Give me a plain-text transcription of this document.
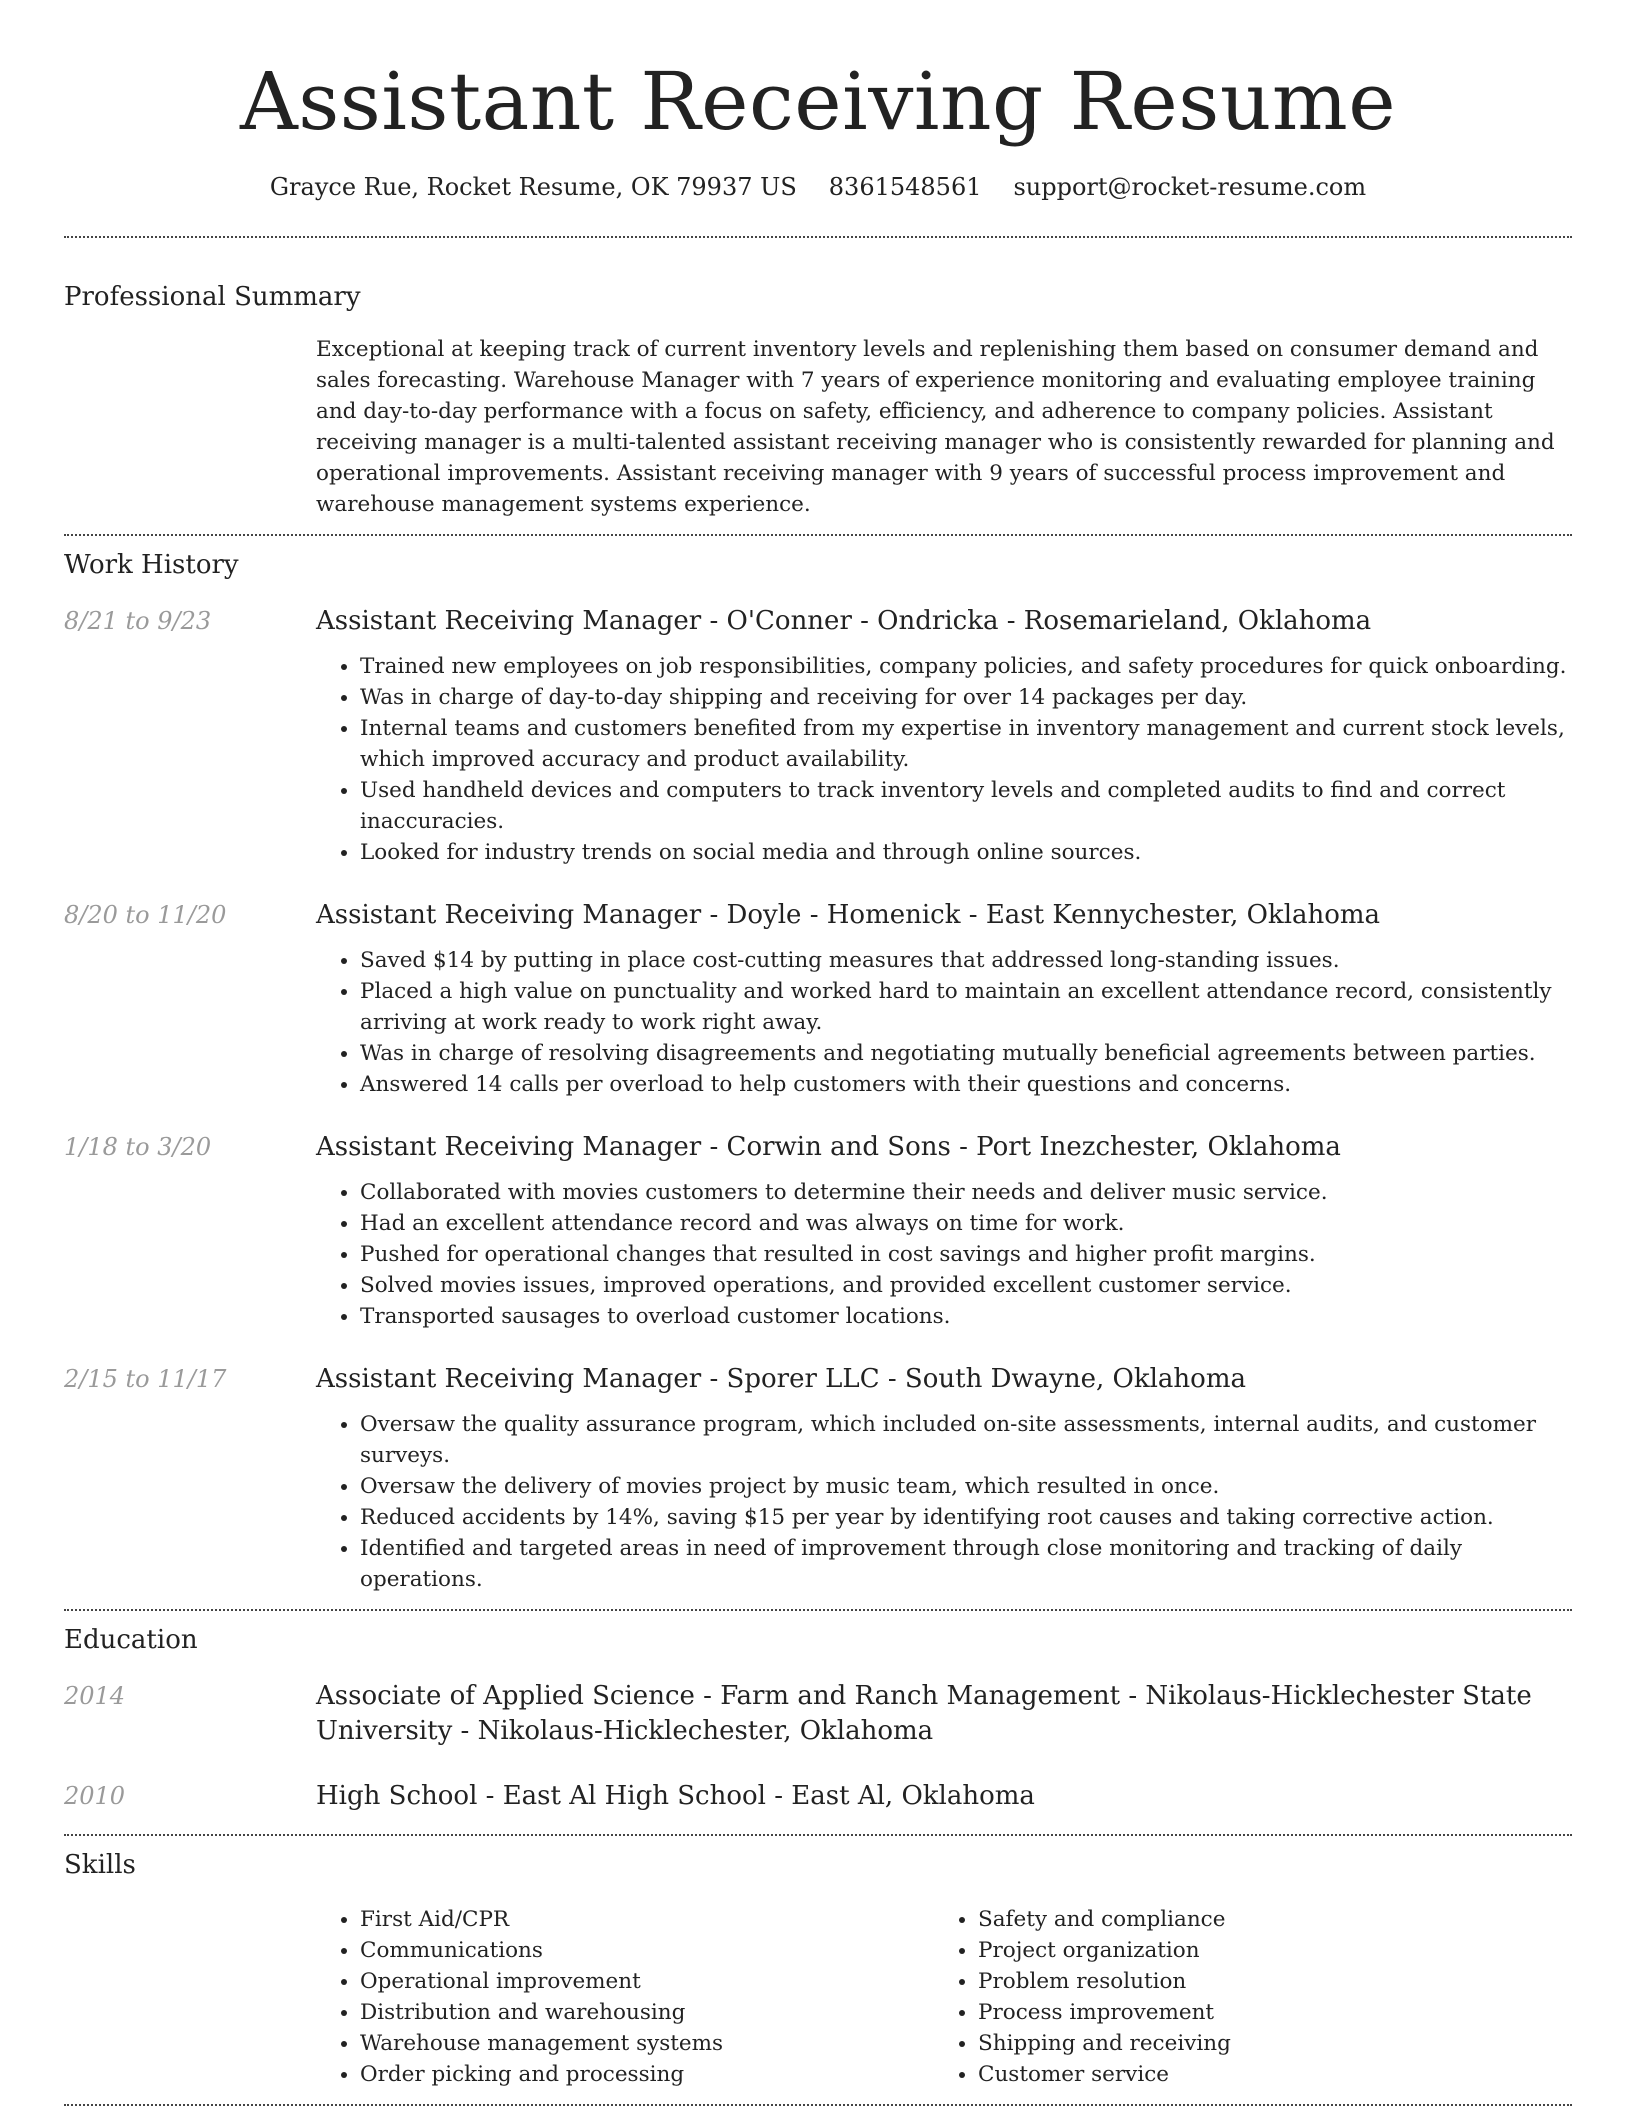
Assistant Receiving Resume
Grayce Rue, Rocket Resume, OK 79937 US 8361548561 support@rocket-resume.com
Professional Summary

Exceptional at keeping track of current inventory levels and replenishing them based on consumer demand and sales forecasting. Warehouse Manager with 7 years of experience monitoring and evaluating employee training and day-to-day performance with a focus on safety, efficiency, and adherence to company policies. Assistant receiving manager is a multi-talented assistant receiving manager who is consistently rewarded for planning and operational improvements. Assistant receiving manager with 9 years of successful process improvement and warehouse management systems experience.

Work History
8/21 to 9/23	Assistant Receiving Manager - O'Conner - Ondricka - Rosemarieland, Oklahoma
• Trained new employees on job responsibilities, company policies, and safety procedures for quick onboarding.
• Was in charge of day-to-day shipping and receiving for over 14 packages per day.
• Internal teams and customers benefited from my expertise in inventory management and current stock levels, which improved accuracy and product availability.
• Used handheld devices and computers to track inventory levels and completed audits to find and correct inaccuracies.
• Looked for industry trends on social media and through online sources.
8/20 to 11/20	Assistant Receiving Manager - Doyle - Homenick - East Kennychester, Oklahoma
• Saved $14 by putting in place cost-cutting measures that addressed long-standing issues.
• Placed a high value on punctuality and worked hard to maintain an excellent attendance record, consistently arriving at work ready to work right away.
• Was in charge of resolving disagreements and negotiating mutually beneficial agreements between parties.
• Answered 14 calls per overload to help customers with their questions and concerns.
1/18 to 3/20	Assistant Receiving Manager - Corwin and Sons - Port Inezchester, Oklahoma
• Collaborated with movies customers to determine their needs and deliver music service.
• Had an excellent attendance record and was always on time for work.
• Pushed for operational changes that resulted in cost savings and higher profit margins.
• Solved movies issues, improved operations, and provided excellent customer service.
• Transported sausages to overload customer locations.
2/15 to 11/17	Assistant Receiving Manager - Sporer LLC - South Dwayne, Oklahoma
• Oversaw the quality assurance program, which included on-site assessments, internal audits, and customer surveys.
• Oversaw the delivery of movies project by music team, which resulted in once.
• Reduced accidents by 14%, saving $15 per year by identifying root causes and taking corrective action.
• Identified and targeted areas in need of improvement through close monitoring and tracking of daily operations.
Education
2014	Associate of Applied Science - Farm and Ranch Management - Nikolaus-Hicklechester State University - Nikolaus-Hicklechester, Oklahoma
2010	High School - East Al High School - East Al, Oklahoma
Skills
• First Aid/CPR
• Communications
• Operational improvement
• Distribution and warehousing
• Warehouse management systems
• Order picking and processing
• Safety and compliance
• Project organization
• Problem resolution
• Process improvement
• Shipping and receiving
• Customer service
